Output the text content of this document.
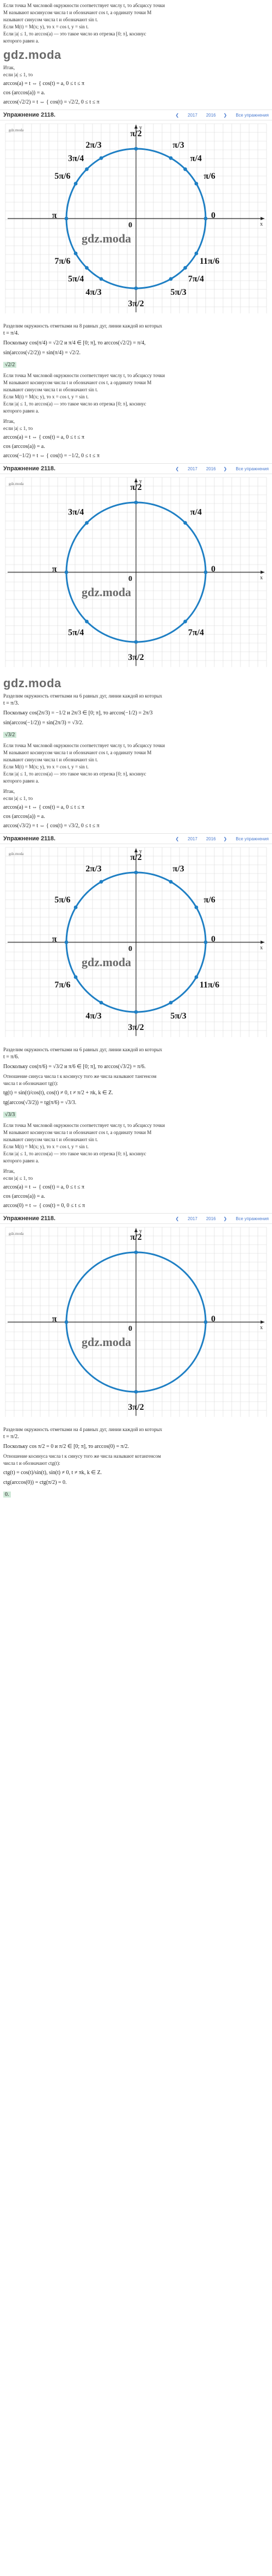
Если точка M числовой окружности соответствует числу t, то абсциссу точки
M называют косинусом числа t и обозначают cos t, а ординату точки M
называют синусом числа t и обозначают sin t.
Если M(t) = M(x; y), то x = cos t, y = sin t.
Если |a| ≤ 1, то arccos(a) — это такое число из отрезка [0; π], косинус
которого равен a.
gdz.moda
Итак,
если |a| ≤ 1, то
arccos(a) = t ⇔ { cos(t) = a, 0 ≤ t ≤ π
cos (arccos(a)) = a.
arccos(√2/2) = t ⇔ { cos(t) = √2/2, 0 ≤ t ≤ π
Упражнение 2118.	❮ 2017 2016 ❯ Все упражнения
x
y
gdz.moda
gdz.moda
0
π/6
π/4
π/3
π/2
2π/3
3π/4
5π/6
π
7π/6
5π/4
4π/3
3π/2
5π/3
7π/4
11π/6
0
Разделим окружность отметками на 8 равных дуг, линии каждой из которых
t = π/4.
Поскольку cos(π/4) = √2/2 и π/4 ∈ [0; π], то arccos(√2/2) = π/4,
sin(arccos(√2/2)) = sin(π/4) = √2/2.
√2/2
Если точка M числовой окружности соответствует числу t, то абсциссу точки
M называют косинусом числа t и обозначают cos t, а ординату точки M
называют синусом числа t и обозначают sin t.
Если M(t) = M(x; y), то x = cos t, y = sin t.
Если |a| ≤ 1, то arccos(a) — это такое число из отрезка [0; π], косинус
которого равен a.
Итак,
если |a| ≤ 1, то
arccos(a) = t ⇔ { cos(t) = a, 0 ≤ t ≤ π
cos (arccos(a)) = a.
arccos(−1/2) = t ⇔ { cos(t) = −1/2, 0 ≤ t ≤ π
Упражнение 2118.	❮ 2017 2016 ❯ Все упражнения
x
y
gdz.moda
gdz.moda
0
π/4
π/2
3π/4
π
5π/4
3π/2
7π/4
0
gdz.moda
Разделим окружность отметками на 6 равных дуг, линии каждой из которых
t = π/3.
Поскольку cos(2π/3) = −1/2 и 2π/3 ∈ [0; π], то arccos(−1/2) = 2π/3
sin(arccos(−1/2)) = sin(2π/3) = √3/2.
√3/2
Если точка M числовой окружности соответствует числу t, то абсциссу точки
M называют косинусом числа t и обозначают cos t, а ординату точки M
называют синусом числа t и обозначают sin t.
Если M(t) = M(x; y), то x = cos t, y = sin t.
Если |a| ≤ 1, то arccos(a) — это такое число из отрезка [0; π], косинус
которого равен a.
Итак,
если |a| ≤ 1, то
arccos(a) = t ⇔ { cos(t) = a, 0 ≤ t ≤ π
cos (arccos(a)) = a.
arccos(√3/2) = t ⇔ { cos(t) = √3/2, 0 ≤ t ≤ π
Упражнение 2118.	❮ 2017 2016 ❯ Все упражнения
x
y
gdz.moda
gdz.moda
0
π/6
π/3
π/2
2π/3
5π/6
π
7π/6
4π/3
3π/2
5π/3
11π/6
0
Разделим окружность отметками на 6 равных дуг, линии каждой из которых
t = π/6.
Поскольку cos(π/6) = √3/2 и π/6 ∈ [0; π], то arccos(√3/2) = π/6.
Отношение синуса числа t к косинусу того же числа называют тангенсом
числа t и обозначают tg(t):
tg(t) = sin(t)/cos(t), cos(t) ≠ 0, t ≠ π/2 + πk, k ∈ Z.
tg(arccos(√3/2)) = tg(π/6) = √3/3.
√3/3
Если точка M числовой окружности соответствует числу t, то абсциссу точки
M называют косинусом числа t и обозначают cos t, а ординату точки M
называют синусом числа t и обозначают sin t.
Если M(t) = M(x; y), то x = cos t, y = sin t.
Если |a| ≤ 1, то arccos(a) — это такое число из отрезка [0; π], косинус
которого равен a.
Итак,
если |a| ≤ 1, то
arccos(a) = t ⇔ { cos(t) = a, 0 ≤ t ≤ π
cos (arccos(a)) = a.
arccos(0) = t ⇔ { cos(t) = 0, 0 ≤ t ≤ π
Упражнение 2118.	❮ 2017 2016 ❯ Все упражнения
x
y
gdz.moda
gdz.moda
0
π/2
π
3π/2
0
Разделим окружность отметками на 4 равных дуг, линии каждой из которых
t = π/2.
Поскольку cos π/2 = 0 и π/2 ∈ [0; π], то arccos(0) = π/2.
Отношение косинуса числа t к синусу того же числа называют котангенсом
числа t и обозначают ctg(t):
ctg(t) = cos(t)/sin(t), sin(t) ≠ 0, t ≠ πk, k ∈ Z.
ctg(arccos(0)) = ctg(π/2) = 0.
0.
